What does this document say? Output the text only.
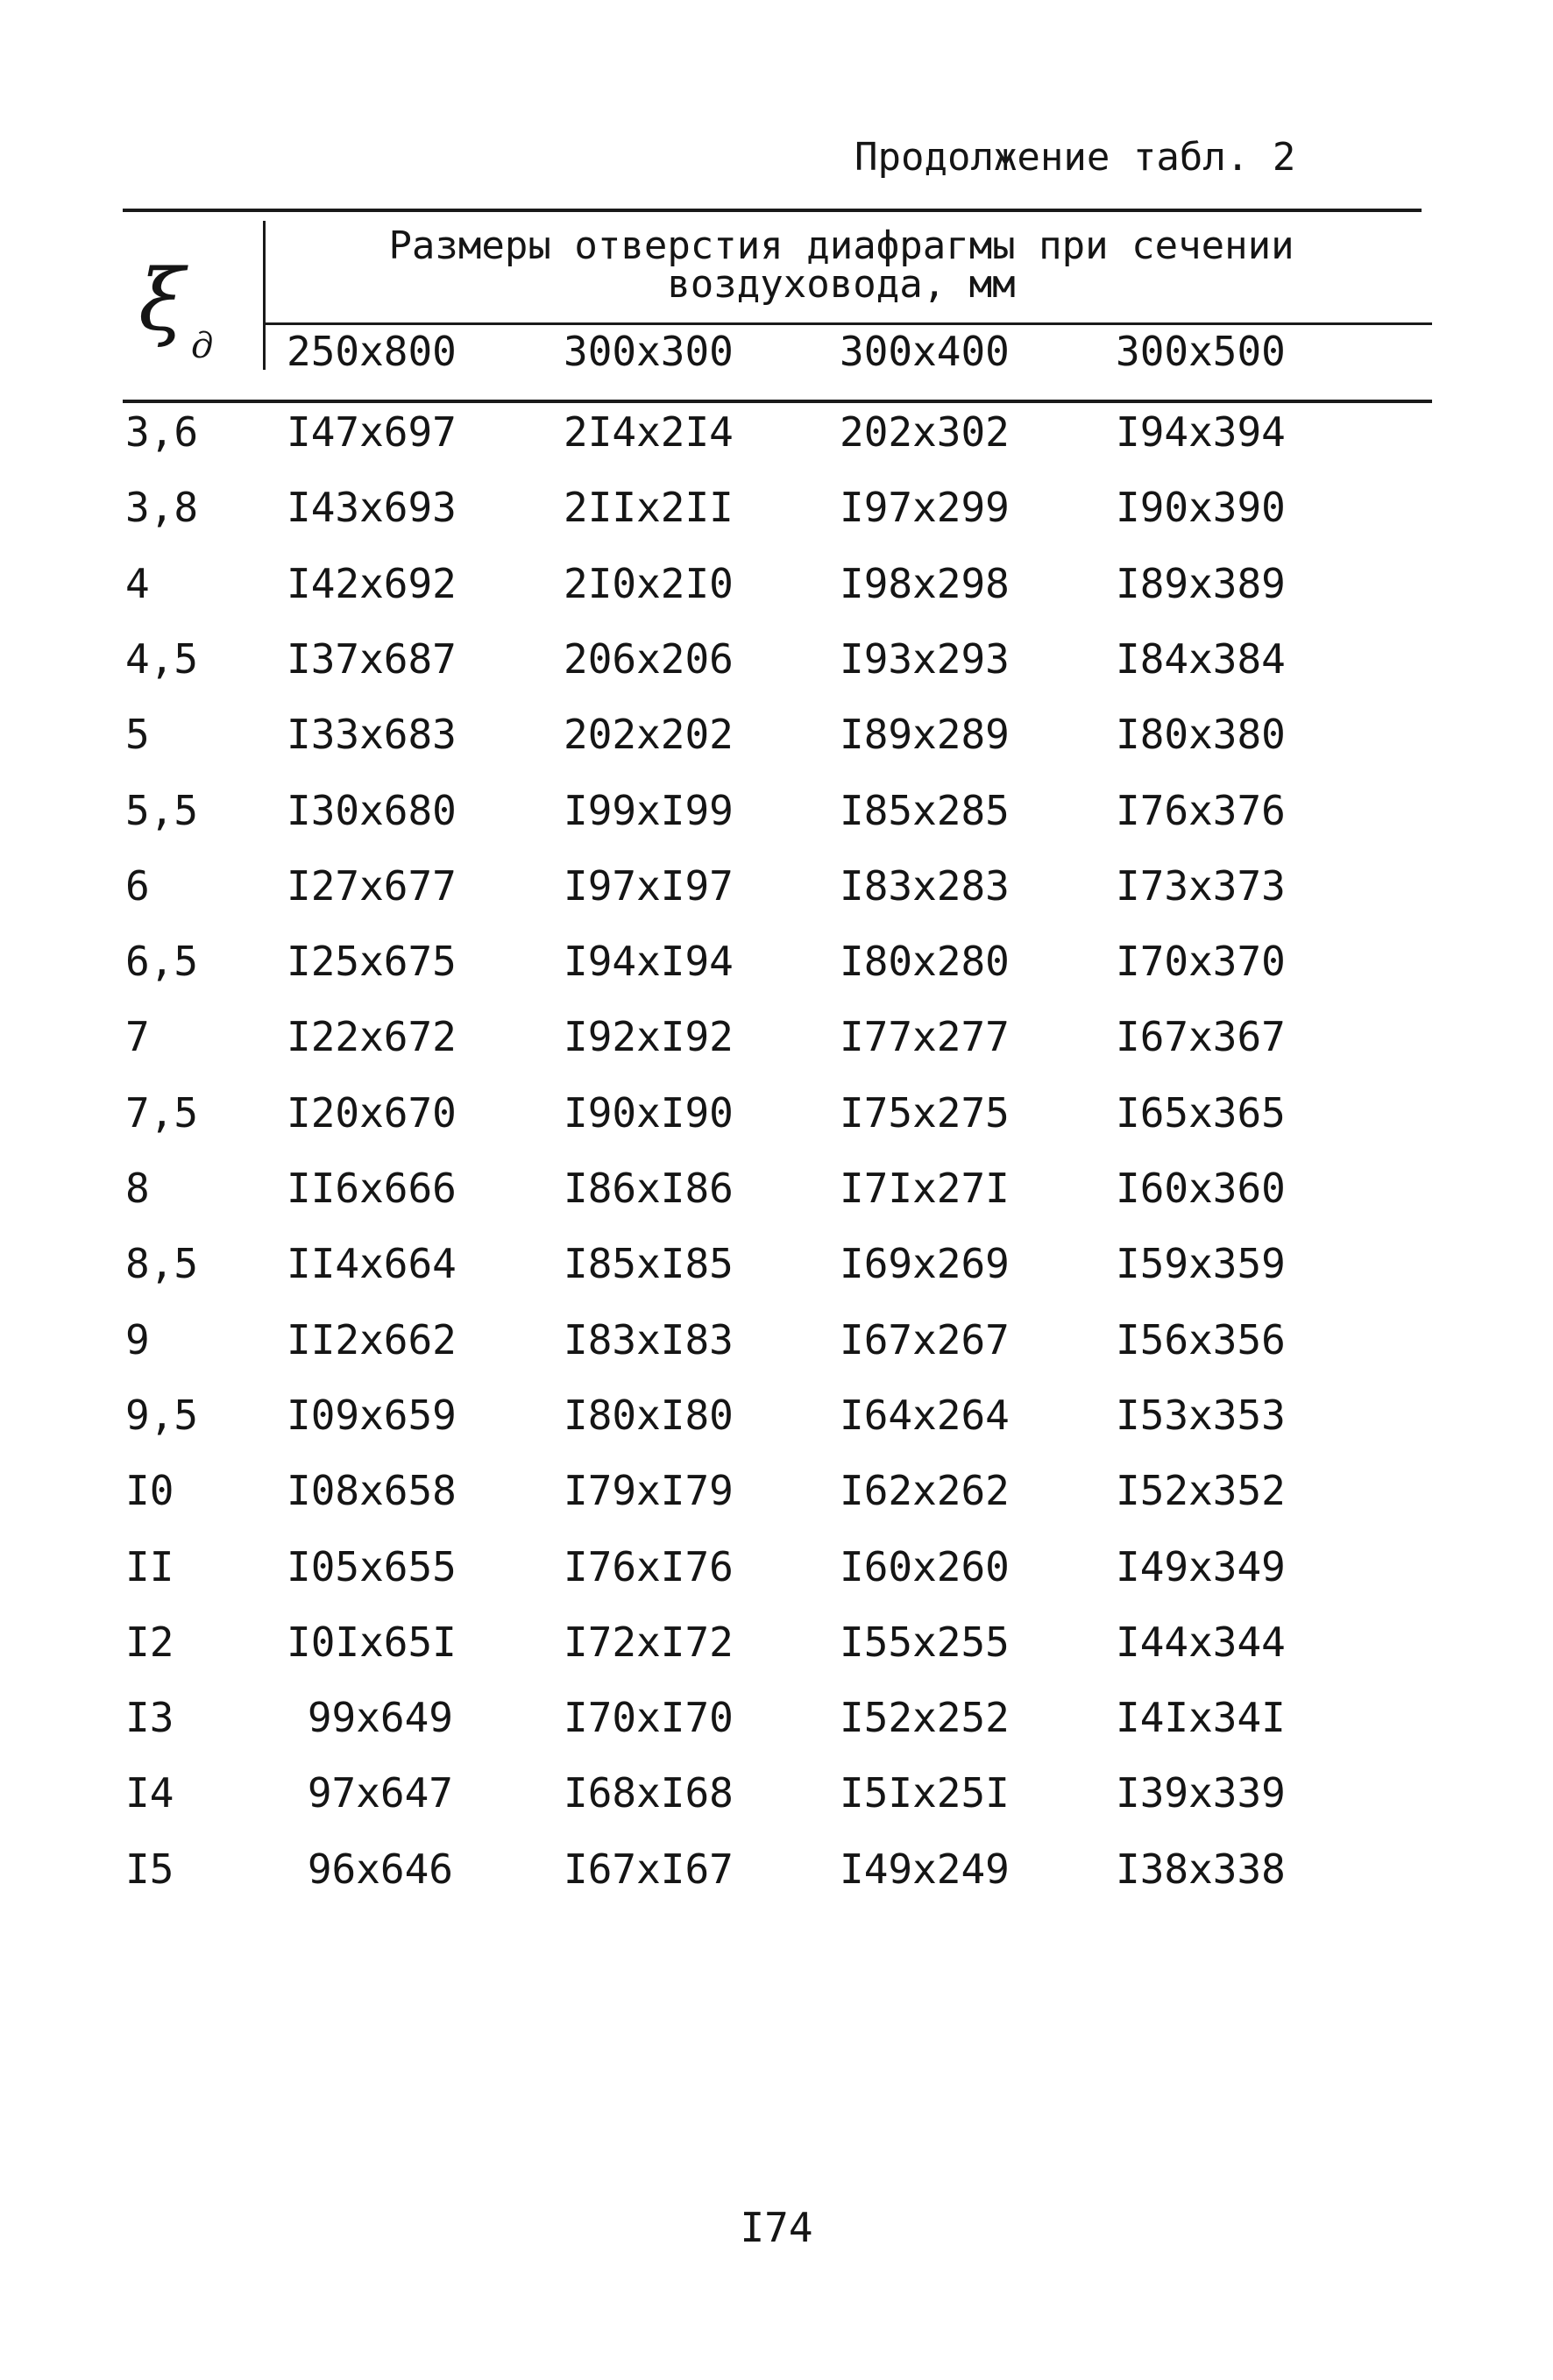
Продолжение табл. 2
ξ д
Размеры отверстия диафрагмы при сечении
воздуховода, мм
250x800	300x300	300x400	300x500
3,6 I47x697	2I4x2I4	202x302	I94x394
3,8 I43x693	2IIx2II	I97x299	I90x390
4	I42x692	2I0x2I0	I98x298	I89x389
4,5 I37x687	206x206	I93x293	I84x384
5	I33x683	202x202	I89x289	I80x380
5,5 I30x680	I99xI99	I85x285	I76x376
6	I27x677	I97xI97	I83x283	I73x373
6,5 I25x675	I94xI94	I80x280	I70x370
7	I22x672	I92xI92	I77x277	I67x367
7,5 I20x670	I90xI90	I75x275	I65x365
8	II6x666	I86xI86	I7Ix27I	I60x360
8,5 II4x664	I85xI85	I69x269	I59x359
9	II2x662	I83xI83	I67x267	I56x356
9,5 I09x659	I80xI80	I64x264	I53x353
I0	I08x658	I79xI79	I62x262	I52x352
II	I05x655	I76xI76	I60x260	I49x349
I2	I0Ix65I	I72xI72	I55x255	I44x344
I3	99x649	I70xI70	I52x252	I4Ix34I
I4	97x647	I68xI68	I5Ix25I	I39x339
I5	96x646	I67xI67	I49x249	I38x338
I74
